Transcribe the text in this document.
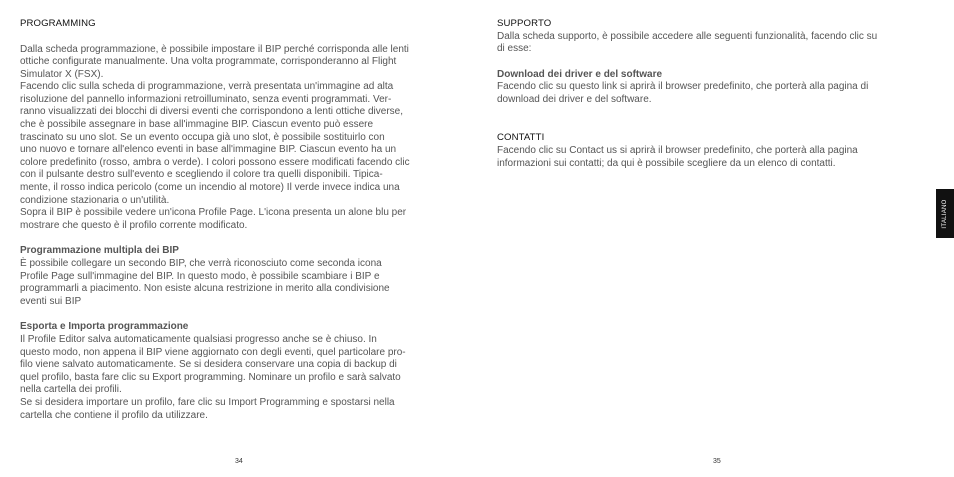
PROGRAMMING

Dalla scheda programmazione, è possibile impostare il BIP perché corrisponda alle lenti

ottiche configurate manualmente. Una volta programmate, corrisponderanno al Flight

Simulator X (FSX).

Facendo clic sulla scheda di programmazione, verrà presentata un'immagine ad alta

risoluzione del pannello informazioni retroilluminato, senza eventi programmati. Ver-

ranno visualizzati dei blocchi di diversi eventi che corrispondono a lenti ottiche diverse,

che è possibile assegnare in base all'immagine BIP. Ciascun evento può essere

trascinato su uno slot. Se un evento occupa già uno slot, è possibile sostituirlo con

uno nuovo e tornare all'elenco eventi in base all'immagine BIP. Ciascun evento ha un

colore predefinito (rosso, ambra o verde). I colori possono essere modificati facendo clic

con il pulsante destro sull'evento e scegliendo il colore tra quelli disponibili. Tipica-

mente, il rosso indica pericolo (come un incendio al motore) Il verde invece indica una

condizione stazionaria o un'utilità.

Sopra il BIP è possibile vedere un'icona Profile Page. L'icona presenta un alone blu per

mostrare che questo è il profilo corrente modificato.

Programmazione multipla dei BIP

È possibile collegare un secondo BIP, che verrà riconosciuto come seconda icona

Profile Page sull'immagine del BIP. In questo modo, è possibile scambiare i BIP e

programmarli a piacimento. Non esiste alcuna restrizione in merito alla condivisione

eventi sui BIP

Esporta e Importa programmazione

Il Profile Editor salva automaticamente qualsiasi progresso anche se è chiuso. In

questo modo, non appena il BIP viene aggiornato con degli eventi, quel particolare pro-

filo viene salvato automaticamente. Se si desidera conservare una copia di backup di

quel profilo, basta fare clic su Export programming. Nominare un profilo e sarà salvato

nella cartella dei profili.

Se si desidera importare un profilo, fare clic su Import Programming e spostarsi nella

cartella che contiene il profilo da utilizzare.

SUPPORTO

Dalla scheda supporto, è possibile accedere alle seguenti funzionalità, facendo clic su

di esse:

Download dei driver e del software

Facendo clic su questo link si aprirà il browser predefinito, che porterà alla pagina di

download dei driver e del software.

CONTATTI

Facendo clic su Contact us si aprirà il browser predefinito, che porterà alla pagina

informazioni sui contatti; da qui è possibile scegliere da un elenco di contatti.

34	35
ITALIANO
